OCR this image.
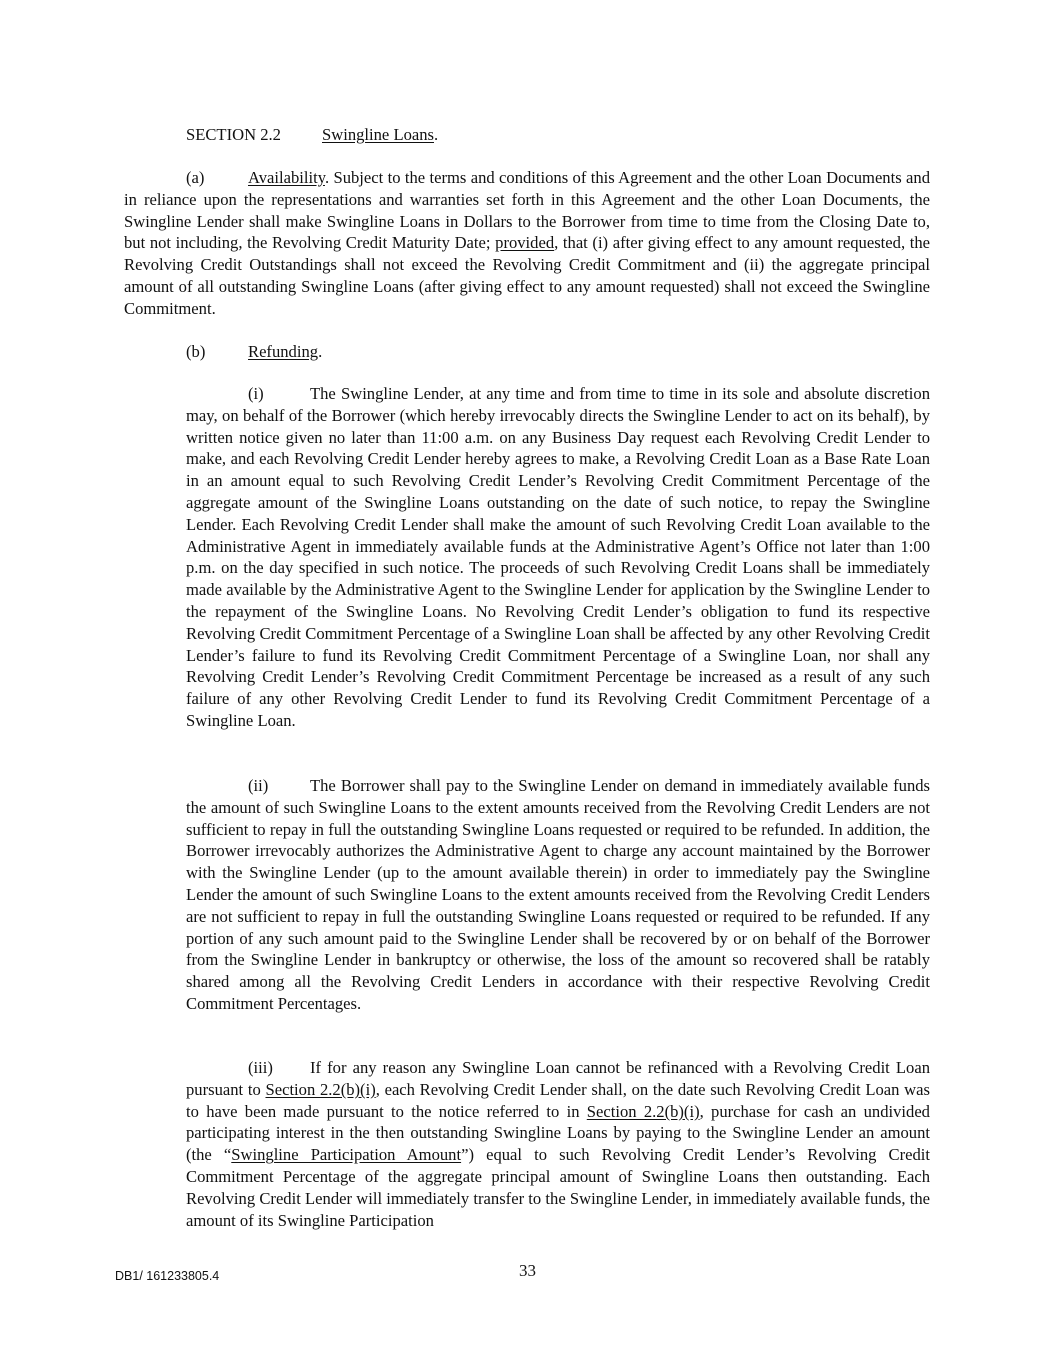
SECTION 2.2 Swingline Loans.
(a)	Availability. Subject to the terms and conditions of this Agreement and the other Loan Documents and in reliance upon the representations and warranties set forth in this Agreement and the other Loan Documents, the Swingline Lender shall make Swingline Loans in Dollars to the Borrower from time to time from the Closing Date to, but not including, the Revolving Credit Maturity Date; provided, that (i) after giving effect to any amount requested, the Revolving Credit Outstandings shall not exceed the Revolving Credit Commitment and (ii) the aggregate principal amount of all outstanding Swingline Loans (after giving effect to any amount requested) shall not exceed the Swingline Commitment.
(b)	Refunding.
(i)	The Swingline Lender, at any time and from time to time in its sole and absolute discretion may, on behalf of the Borrower (which hereby irrevocably directs the Swingline Lender to act on its behalf), by written notice given no later than 11:00 a.m. on any Business Day request each Revolving Credit Lender to make, and each Revolving Credit Lender hereby agrees to make, a Revolving Credit Loan as a Base Rate Loan in an amount equal to such Revolving Credit Lender’s Revolving Credit Commitment Percentage of the aggregate amount of the Swingline Loans outstanding on the date of such notice, to repay the Swingline Lender. Each Revolving Credit Lender shall make the amount of such Revolving Credit Loan available to the Administrative Agent in immediately available funds at the Administrative Agent’s Office not later than 1:00 p.m. on the day specified in such notice. The proceeds of such Revolving Credit Loans shall be immediately made available by the Administrative Agent to the Swingline Lender for application by the Swingline Lender to the repayment of the Swingline Loans. No Revolving Credit Lender’s obligation to fund its respective Revolving Credit Commitment Percentage of a Swingline Loan shall be affected by any other Revolving Credit Lender’s failure to fund its Revolving Credit Commitment Percentage of a Swingline Loan, nor shall any Revolving Credit Lender’s Revolving Credit Commitment Percentage be increased as a result of any such failure of any other Revolving Credit Lender to fund its Revolving Credit Commitment Percentage of a Swingline Loan.
(ii)	The Borrower shall pay to the Swingline Lender on demand in immediately available funds the amount of such Swingline Loans to the extent amounts received from the Revolving Credit Lenders are not sufficient to repay in full the outstanding Swingline Loans requested or required to be refunded. In addition, the Borrower irrevocably authorizes the Administrative Agent to charge any account maintained by the Borrower with the Swingline Lender (up to the amount available therein) in order to immediately pay the Swingline Lender the amount of such Swingline Loans to the extent amounts received from the Revolving Credit Lenders are not sufficient to repay in full the outstanding Swingline Loans requested or required to be refunded. If any portion of any such amount paid to the Swingline Lender shall be recovered by or on behalf of the Borrower from the Swingline Lender in bankruptcy or otherwise, the loss of the amount so recovered shall be ratably shared among all the Revolving Credit Lenders in accordance with their respective Revolving Credit Commitment Percentages.
(iii) If for any reason any Swingline Loan cannot be refinanced with a Revolving Credit Loan pursuant to Section 2.2(b)(i), each Revolving Credit Lender shall, on the date such Revolving Credit Loan was to have been made pursuant to the notice referred to in Section 2.2(b)(i), purchase for cash an undivided participating interest in the then outstanding Swingline Loans by paying to the Swingline Lender an amount (the “Swingline Participation Amount”) equal to such Revolving Credit Lender’s Revolving Credit Commitment Percentage of the aggregate principal amount of Swingline Loans then outstanding. Each Revolving Credit Lender will immediately transfer to the Swingline Lender, in immediately available funds, the amount of its Swingline Participation
DB1/ 161233805.4	33
